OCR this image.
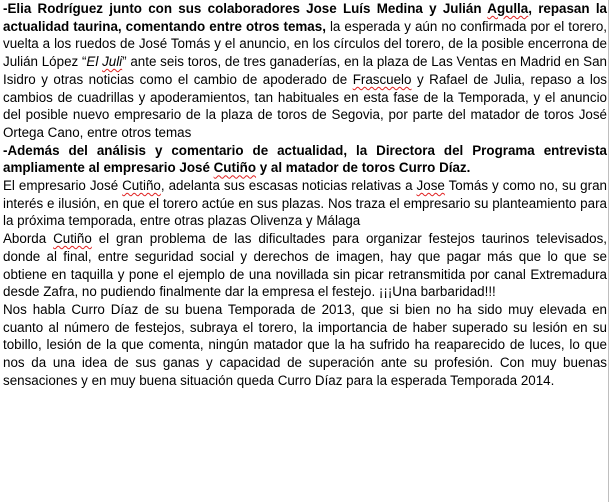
-Elia Rodríguez junto con sus colaboradores Jose Luís Medina y Julián Agulla, repasan la actualidad taurina, comentando entre otros temas, la esperada y aún no confirmada por el torero, vuelta a los ruedos de José Tomás y el anuncio, en los círculos del torero, de la posible encerrona de Julián López “El Juli” ante seis toros, de tres ganaderías, en la plaza de Las Ventas en Madrid en San Isidro y otras noticias como el cambio de apoderado de Frascuelo y Rafael de Julia, repaso a los cambios de cuadrillas y apoderamientos, tan habituales en esta fase de la Temporada, y el anuncio del posible nuevo empresario de la plaza de toros de Segovia, por parte del matador de toros José Ortega Cano, entre otros temas

-Además del análisis y comentario de actualidad, la Directora del Programa entrevista ampliamente al empresario José Cutiño y al matador de toros Curro Díaz.

El empresario José Cutiño, adelanta sus escasas noticias relativas a Jose Tomás y como no, su gran interés e ilusión, en que el torero actúe en sus plazas. Nos traza el empresario su planteamiento para la próxima temporada, entre otras plazas Olivenza y Málaga

Aborda Cutiño el gran problema de las dificultades para organizar festejos taurinos televisados, donde al final, entre seguridad social y derechos de imagen, hay que pagar más que lo que se obtiene en taquilla y pone el ejemplo de una novillada sin picar retransmitida por canal Extremadura desde Zafra, no pudiendo finalmente dar la empresa el festejo. ¡¡¡Una barbaridad!!!

Nos habla Curro Díaz de su buena Temporada de 2013, que si bien no ha sido muy elevada en cuanto al número de festejos, subraya el torero, la importancia de haber superado su lesión en su tobillo, lesión de la que comenta, ningún matador que la ha sufrido ha reaparecido de luces, lo que nos da una idea de sus ganas y capacidad de superación ante su profesión. Con muy buenas sensaciones y en muy buena situación queda Curro Díaz para la esperada Temporada 2014.
